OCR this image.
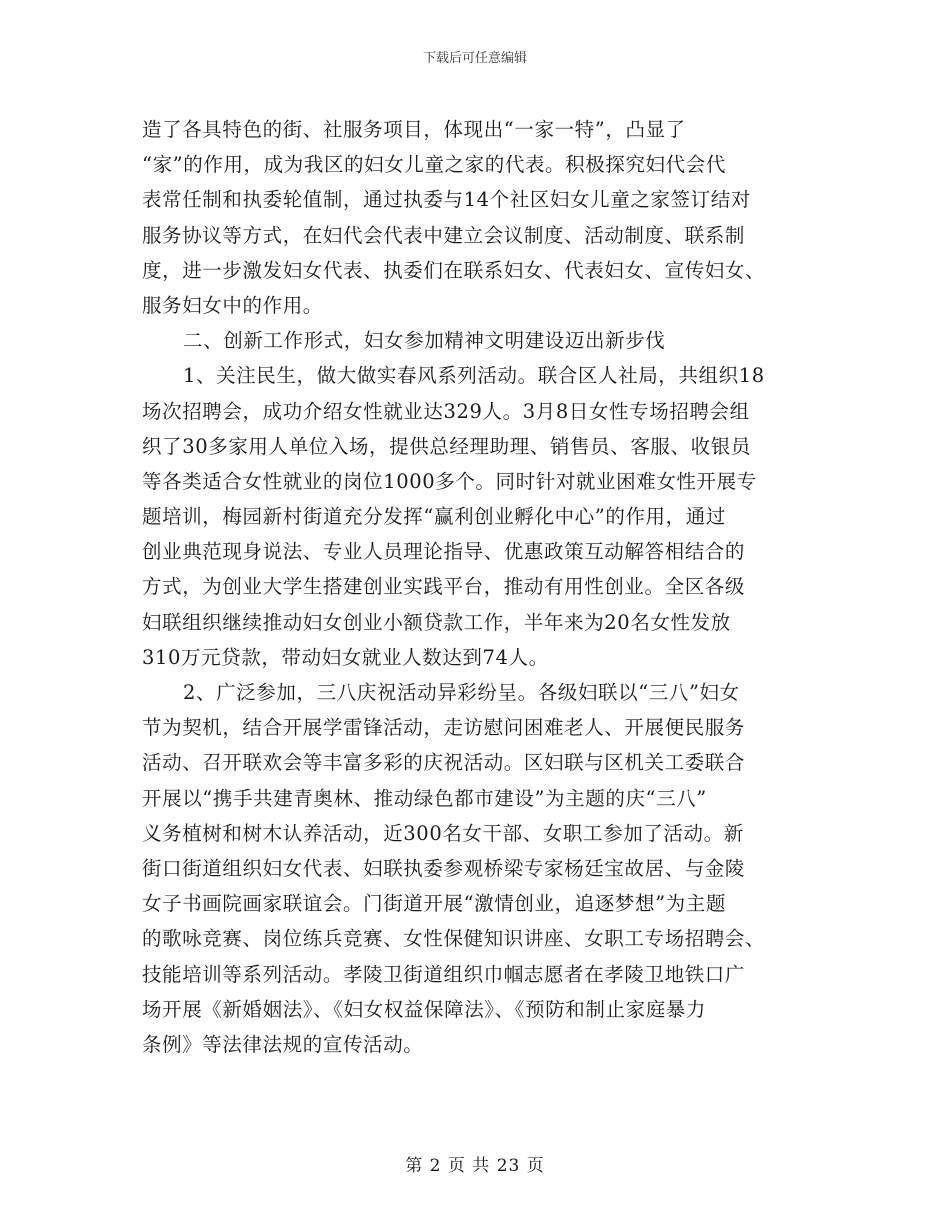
下载后可任意编辑
造了各具特色的街、社服务项目，体现出“一家一特”，凸显了
“家”的作用，成为我区的妇女儿童之家的代表。积极探究妇代会代
表常任制和执委轮值制，通过执委与14个社区妇女儿童之家签订结对
服务协议等方式，在妇代会代表中建立会议制度、活动制度、联系制
度，进一步激发妇女代表、执委们在联系妇女、代表妇女、宣传妇女、
服务妇女中的作用。
二、创新工作形式，妇女参加精神文明建设迈出新步伐
1、关注民生，做大做实春风系列活动。联合区人社局，共组织18
场次招聘会，成功介绍女性就业达329人。3月8日女性专场招聘会组
织了30多家用人单位入场，提供总经理助理、销售员、客服、收银员
等各类适合女性就业的岗位1000多个。同时针对就业困难女性开展专
题培训，梅园新村街道充分发挥“赢利创业孵化中心”的作用，通过
创业典范现身说法、专业人员理论指导、优惠政策互动解答相结合的
方式，为创业大学生搭建创业实践平台，推动有用性创业。全区各级
妇联组织继续推动妇女创业小额贷款工作，半年来为20名女性发放
310万元贷款，带动妇女就业人数达到74人。
2、广泛参加，三八庆祝活动异彩纷呈。各级妇联以“三八”妇女
节为契机，结合开展学雷锋活动，走访慰问困难老人、开展便民服务
活动、召开联欢会等丰富多彩的庆祝活动。区妇联与区机关工委联合
开展以“携手共建青奥林、推动绿色都市建设”为主题的庆“三八”
义务植树和树木认养活动，近300名女干部、女职工参加了活动。新
街口街道组织妇女代表、妇联执委参观桥梁专家杨廷宝故居、与金陵
女子书画院画家联谊会。门街道开展“激情创业，追逐梦想”为主题
的歌咏竞赛、岗位练兵竞赛、女性保健知识讲座、女职工专场招聘会、
技能培训等系列活动。孝陵卫街道组织巾帼志愿者在孝陵卫地铁口广
场开展《新婚姻法》、《妇女权益保障法》、《预防和制止家庭暴力
条例》等法律法规的宣传活动。
第 2 页 共 23 页
